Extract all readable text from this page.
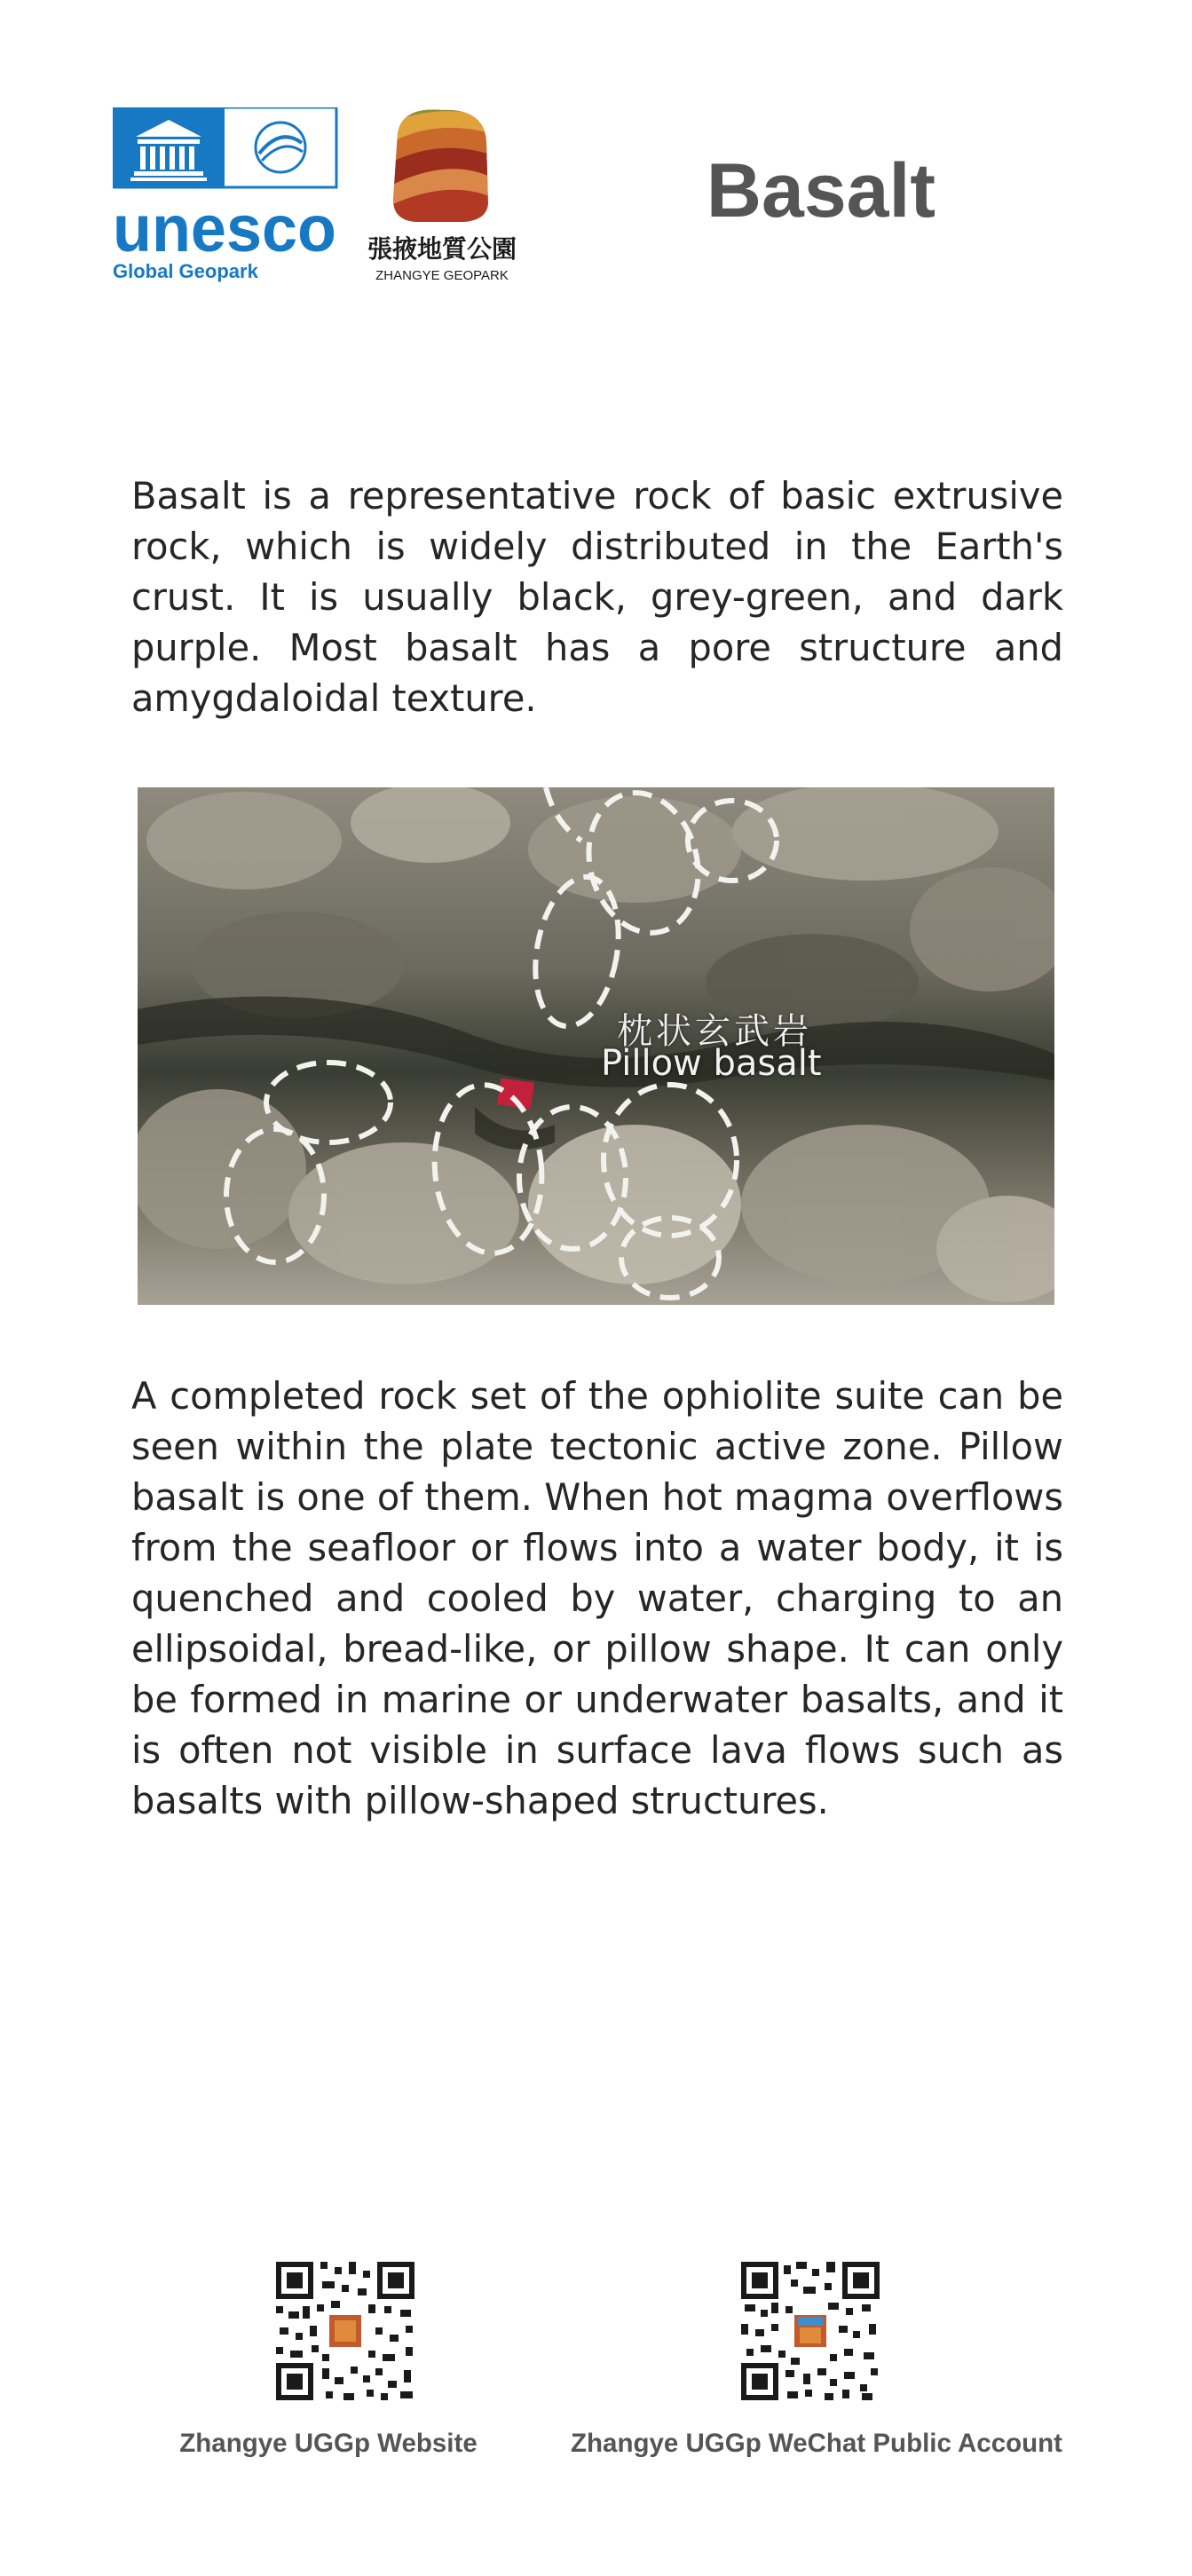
unesco
Global Geopark
張掖地質公園
ZHANGYE GEOPARK
Basalt

Basalt is a representative rock of basic extrusive rock, which is widely distributed in the Earth's crust. It is usually black, grey-green, and dark purple. Most basalt has a pore structure and amygdaloidal texture.

枕状玄武岩
Pillow basalt

A completed rock set of the ophiolite suite can be seen within the plate tectonic active zone. Pillow basalt is one of them. When hot magma overflows from the seafloor or flows into a water body, it is quenched and cooled by water, charging to an ellipsoidal, bread-like, or pillow shape. It can only be formed in marine or underwater basalts, and it is often not visible in surface lava flows such as basalts with pillow-shaped structures.

Zhangye UGGp Website	Zhangye UGGp WeChat Public Account
